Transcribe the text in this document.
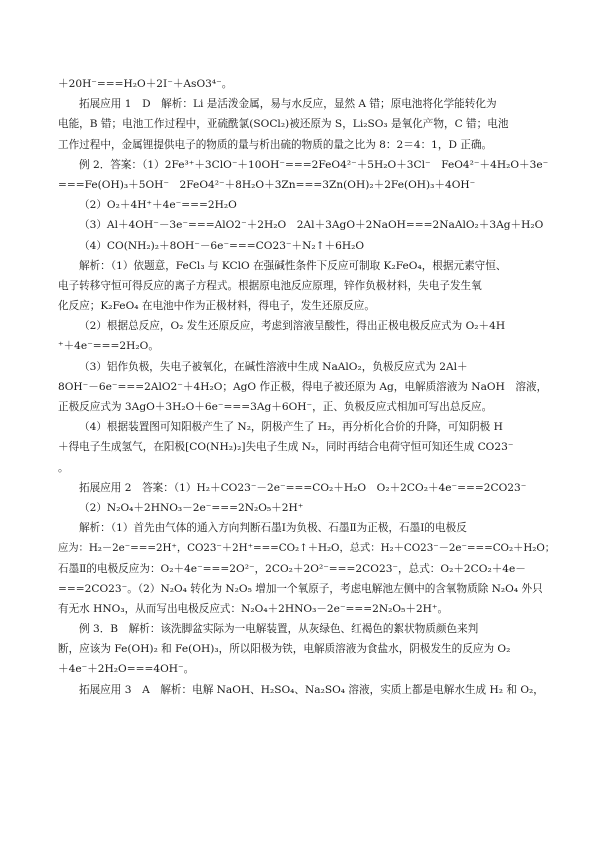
＋20H⁻===H₂O＋2I⁻＋AsO3⁴⁻。
拓展应用 1　D　解析：Li 是活泼金属，易与水反应，显然 A 错；原电池将化学能转化为
电能，B 错；电池工作过程中，亚硫酰氯(SOCl₂)被还原为 S，Li₂SO₃ 是氧化产物，C 错；电池
工作过程中，金属锂提供电子的物质的量与析出硫的物质的量之比为 8：2＝4：1，D 正确。
例 2．答案：（1）2Fe³⁺＋3ClO⁻＋10OH⁻===2FeO4²⁻＋5H₂O＋3Cl⁻　FeO4²⁻＋4H₂O＋3e⁻
===Fe(OH)₃＋5OH⁻　2FeO4²⁻＋8H₂O＋3Zn===3Zn(OH)₂＋2Fe(OH)₃＋4OH⁻
（2）O₂＋4H⁺＋4e⁻===2H₂O
（3）Al＋4OH⁻－3e⁻===AlO2⁻＋2H₂O　2Al＋3AgO＋2NaOH===2NaAlO₂＋3Ag＋H₂O
（4）CO(NH₂)₂＋8OH⁻－6e⁻===CO23⁻＋N₂↑＋6H₂O
解析：（1）依题意，FeCl₃ 与 KClO 在强碱性条件下反应可制取 K₂FeO₄，根据元素守恒、
电子转移守恒可得反应的离子方程式。根据原电池反应原理，锌作负极材料，失电子发生氧
化反应；K₂FeO₄ 在电池中作为正极材料，得电子，发生还原反应。
（2）根据总反应，O₂ 发生还原反应，考虑到溶液呈酸性，得出正极电极反应式为 O₂＋4H
⁺＋4e⁻===2H₂O。
（3）铝作负极，失电子被氧化，在碱性溶液中生成 NaAlO₂，负极反应式为 2Al＋
8OH⁻－6e⁻===2AlO2⁻＋4H₂O；AgO 作正极，得电子被还原为 Ag，电解质溶液为 NaOH　溶液，
正极反应式为 3AgO＋3H₂O＋6e⁻===3Ag＋6OH⁻，正、负极反应式相加可写出总反应。
（4）根据装置图可知阳极产生了 N₂，阴极产生了 H₂，再分析化合价的升降，可知阴极 H
＋得电子生成氢气，在阳极[CO(NH₂)₂]失电子生成 N₂，同时再结合电荷守恒可知还生成 CO23⁻
。
拓展应用 2　答案：（1）H₂＋CO23⁻－2e⁻===CO₂＋H₂O　O₂＋2CO₂＋4e⁻===2CO23⁻
（2）N₂O₄＋2HNO₃－2e⁻===2N₂O₅＋2H⁺
解析：（1）首先由气体的通入方向判断石墨Ⅰ为负极、石墨Ⅱ为正极，石墨Ⅰ的电极反
应为：H₂－2e⁻===2H⁺，CO23⁻＋2H⁺===CO₂↑＋H₂O，总式：H₂＋CO23⁻－2e⁻===CO₂＋H₂O；
石墨Ⅱ的电极反应为：O₂＋4e⁻===2O²⁻，2CO₂＋2O²⁻===2CO23⁻，总式：O₂＋2CO₂＋4e－
===2CO23⁻。（2）N₂O₄ 转化为 N₂O₅ 增加一个氧原子，考虑电解池左侧中的含氧物质除 N₂O₄ 外只
有无水 HNO₃，从而写出电极反应式：N₂O₄＋2HNO₃－2e⁻===2N₂O₅＋2H⁺。
例 3．B　解析：该洗脚盆实际为一电解装置，从灰绿色、红褐色的絮状物质颜色来判
断，应该为 Fe(OH)₂ 和 Fe(OH)₃，所以阳极为铁，电解质溶液为食盐水，阴极发生的反应为 O₂
＋4e⁻＋2H₂O===4OH⁻。
拓展应用 3　A　解析：电解 NaOH、H₂SO₄、Na₂SO₄ 溶液，实质上都是电解水生成 H₂ 和 O₂，
